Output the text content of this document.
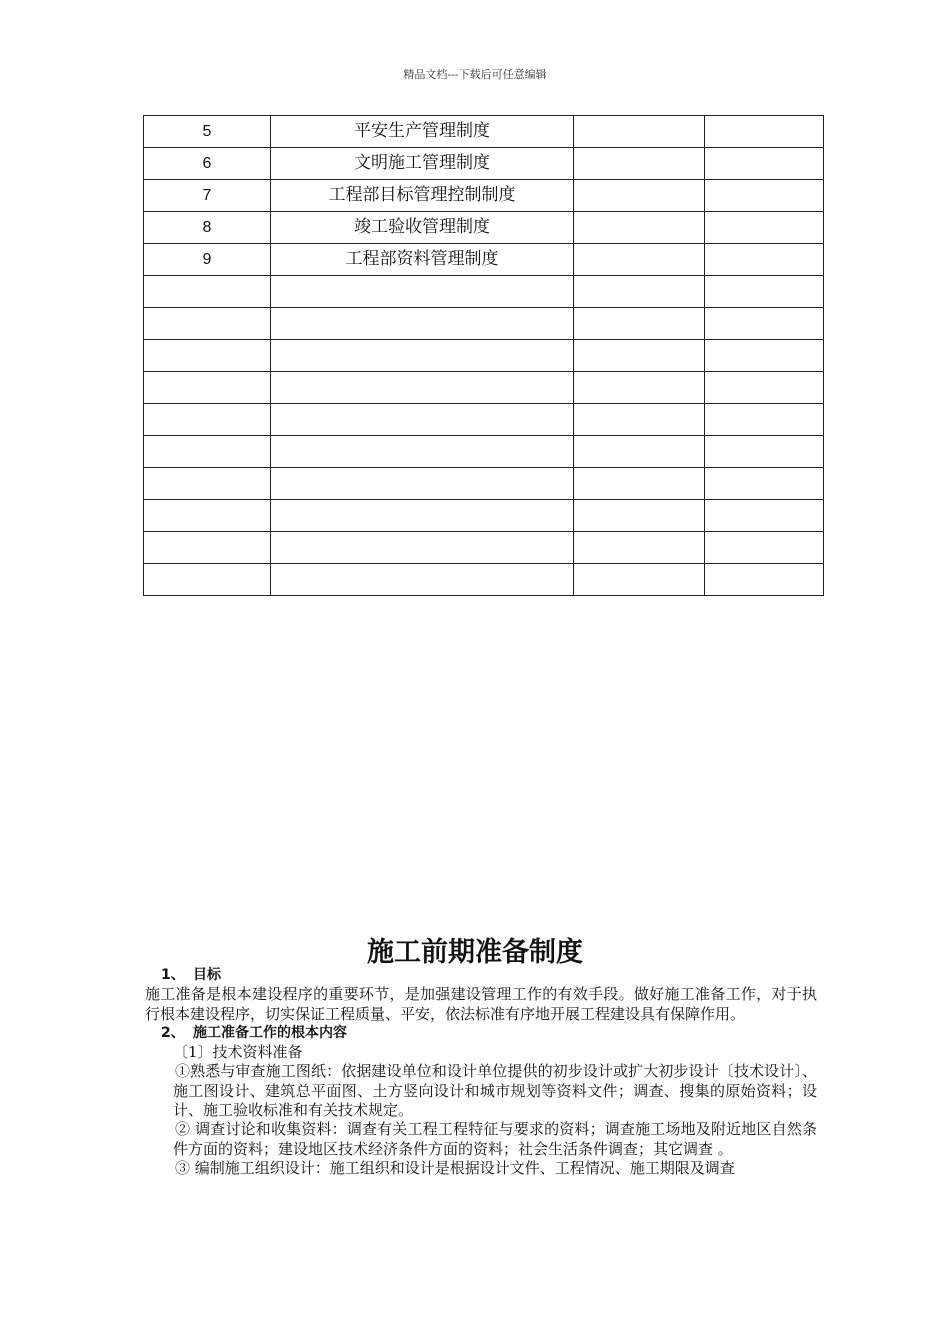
精品文档---下载后可任意编辑
5	平安生产管理制度		
6	文明施工管理制度		
7	工程部目标管理控制制度		
8	竣工验收管理制度		
9	工程部资料管理制度		

施工前期准备制度
1、 目标

施工准备是根本建设程序的重要环节，是加强建设管理工作的有效手段。做好施工准备工作，对于执行根本建设程序，切实保证工程质量、平安，依法标准有序地开展工程建设具有保障作用。

2、 施工准备工作的根本内容
〔1〕技术资料准备

①熟悉与审查施工图纸：依据建设单位和设计单位提供的初步设计或扩大初步设计〔技术设计〕、施工图设计、建筑总平面图、土方竖向设计和城市规划等资料文件；调查、搜集的原始资料；设计、施工验收标准和有关技术规定。

② 调查讨论和收集资料：调查有关工程工程特征与要求的资料；调查施工场地及附近地区自然条件方面的资料；建设地区技术经济条件方面的资料；社会生活条件调查；其它调查 。

③ 编制施工组织设计：施工组织和设计是根据设计文件、工程情况、施工期限及调查
